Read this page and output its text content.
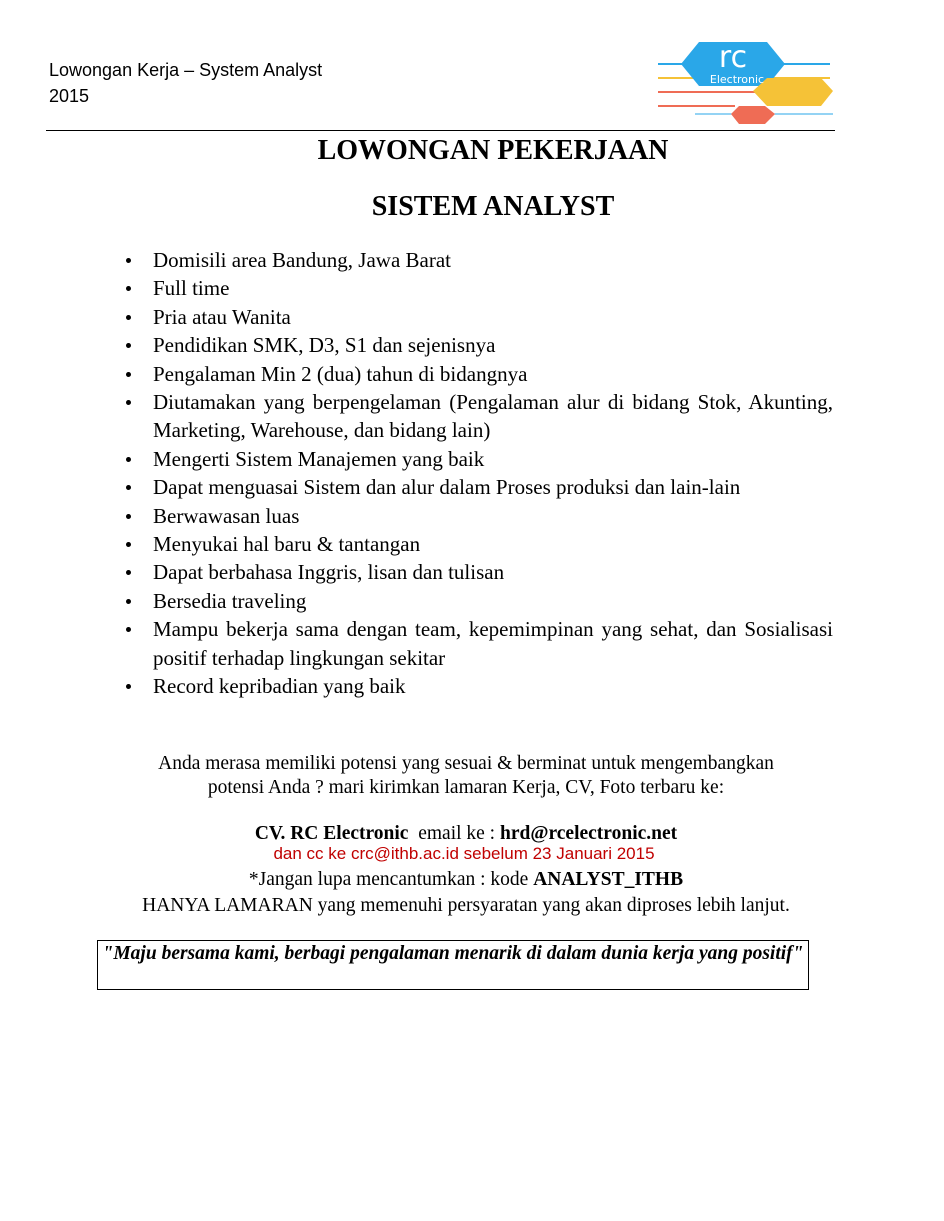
Lowongan Kerja – System Analyst
2015
rc
Electronic
LOWONGAN PEKERJAAN
SISTEM ANALYST
Domisili area Bandung, Jawa Barat
Full time
Pria atau Wanita
Pendidikan SMK, D3, S1 dan sejenisnya
Pengalaman Min 2 (dua) tahun di bidangnya
Diutamakan yang berpengelaman (Pengalaman alur di bidang Stok, Akunting, Marketing, Warehouse, dan bidang lain)
Mengerti Sistem Manajemen yang baik
Dapat menguasai Sistem dan alur dalam Proses produksi dan lain-lain
Berwawasan luas
Menyukai hal baru & tantangan
Dapat berbahasa Inggris, lisan dan tulisan
Bersedia traveling
Mampu bekerja sama dengan team, kepemimpinan yang sehat, dan Sosialisasi positif terhadap lingkungan sekitar
Record kepribadian yang baik
Anda merasa memiliki potensi yang sesuai & berminat untuk mengembangkan
potensi Anda ? mari kirimkan lamaran Kerja, CV, Foto terbaru ke:
CV. RC Electronic email ke : hrd@rcelectronic.net
dan cc ke crc@ithb.ac.id sebelum 23 Januari 2015
*Jangan lupa mencantumkan : kode ANALYST_ITHB
HANYA LAMARAN yang memenuhi persyaratan yang akan diproses lebih lanjut.
"Maju bersama kami, berbagi pengalaman menarik di dalam dunia kerja yang positif"
